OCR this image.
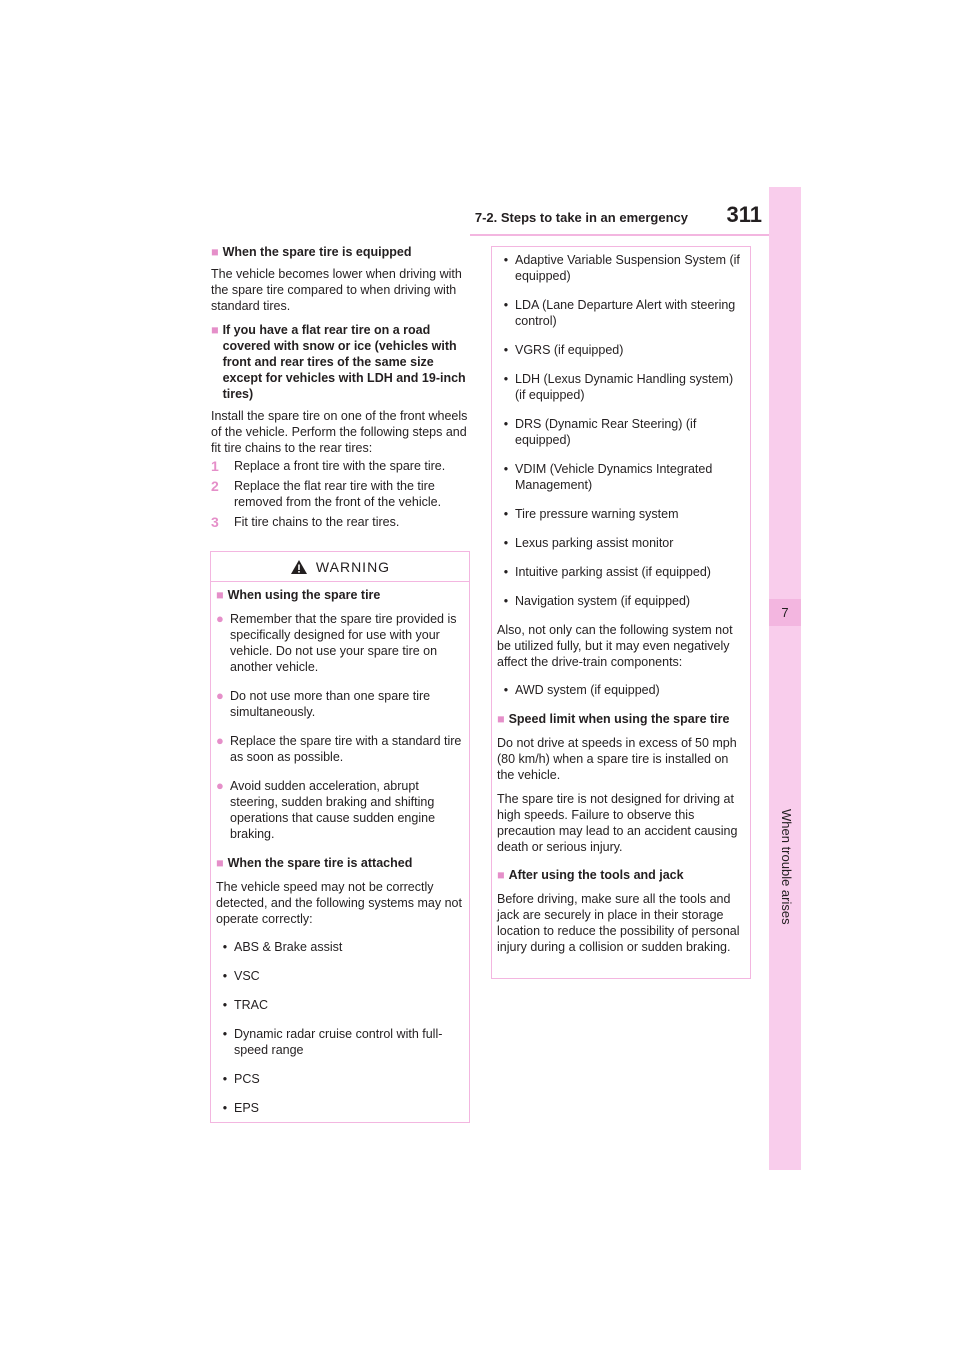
7-2. Steps to take in an emergency	311
7
When trouble arises
■ When the spare tire is equipped

The vehicle becomes lower when driving with the spare tire compared to when driving with standard tires.

■ If you have a flat rear tire on a road covered with snow or ice (vehicles with front and rear tires of the same size except for vehicles with LDH and 19-inch tires)

Install the spare tire on one of the front wheels of the vehicle. Perform the following steps and fit tire chains to the rear tires:

1	Replace a front tire with the spare tire.
2	Replace the flat rear tire with the tire removed from the front of the vehicle.
3	Fit tire chains to the rear tires.
WARNING
■ When using the spare tire
● Remember that the spare tire provided is specifically designed for use with your vehicle. Do not use your spare tire on another vehicle.
● Do not use more than one spare tire simultaneously.
● Replace the spare tire with a standard tire as soon as possible.
● Avoid sudden acceleration, abrupt steering, sudden braking and shifting operations that cause sudden engine braking.
■ When the spare tire is attached

The vehicle speed may not be correctly detected, and the following systems may not operate correctly:

• ABS & Brake assist
• VSC
• TRAC
• Dynamic radar cruise control with full-speed range
• PCS
• EPS
• Adaptive Variable Suspension System (if equipped)
• LDA (Lane Departure Alert with steering control)
• VGRS (if equipped)
• LDH (Lexus Dynamic Handling system) (if equipped)
• DRS (Dynamic Rear Steering) (if equipped)
• VDIM (Vehicle Dynamics Integrated Management)
• Tire pressure warning system
• Lexus parking assist monitor
• Intuitive parking assist (if equipped)
• Navigation system (if equipped)

Also, not only can the following system not be utilized fully, but it may even negatively affect the drive-train components:

• AWD system (if equipped)
■ Speed limit when using the spare tire

Do not drive at speeds in excess of 50 mph (80 km/h) when a spare tire is installed on the vehicle.

The spare tire is not designed for driving at high speeds. Failure to observe this precaution may lead to an accident causing death or serious injury.

■ After using the tools and jack

Before driving, make sure all the tools and jack are securely in place in their storage location to reduce the possibility of personal injury during a collision or sudden braking.
